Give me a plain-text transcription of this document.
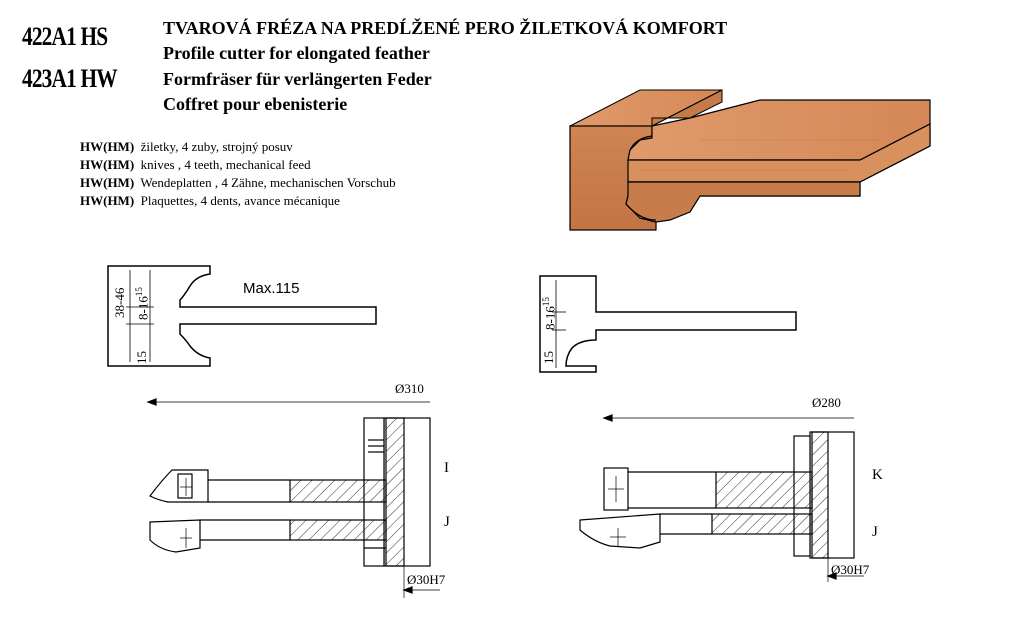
422A1 HS
423A1 HW
TVAROVÁ FRÉZA NA PREDĹŽENÉ PERO ŽILETKOVÁ KOMFORT
Profile cutter for elongated feather
Formfräser für verlängerten Feder
Coffret pour ebenisterie
HW(HM) žiletky, 4 zuby, strojný posuv
HW(HM) knives , 4 teeth, mechanical feed
HW(HM) Wendeplatten , 4 Zähne, mechanischen Vorschub
HW(HM) Plaquettes, 4 dents, avance mécanique
Max.115
38-46 $8-16^{15}$
15
$8-16^{15}$
15
Ø310
I
J
Ø30H7
Ø280
K
J
Ø30H7
